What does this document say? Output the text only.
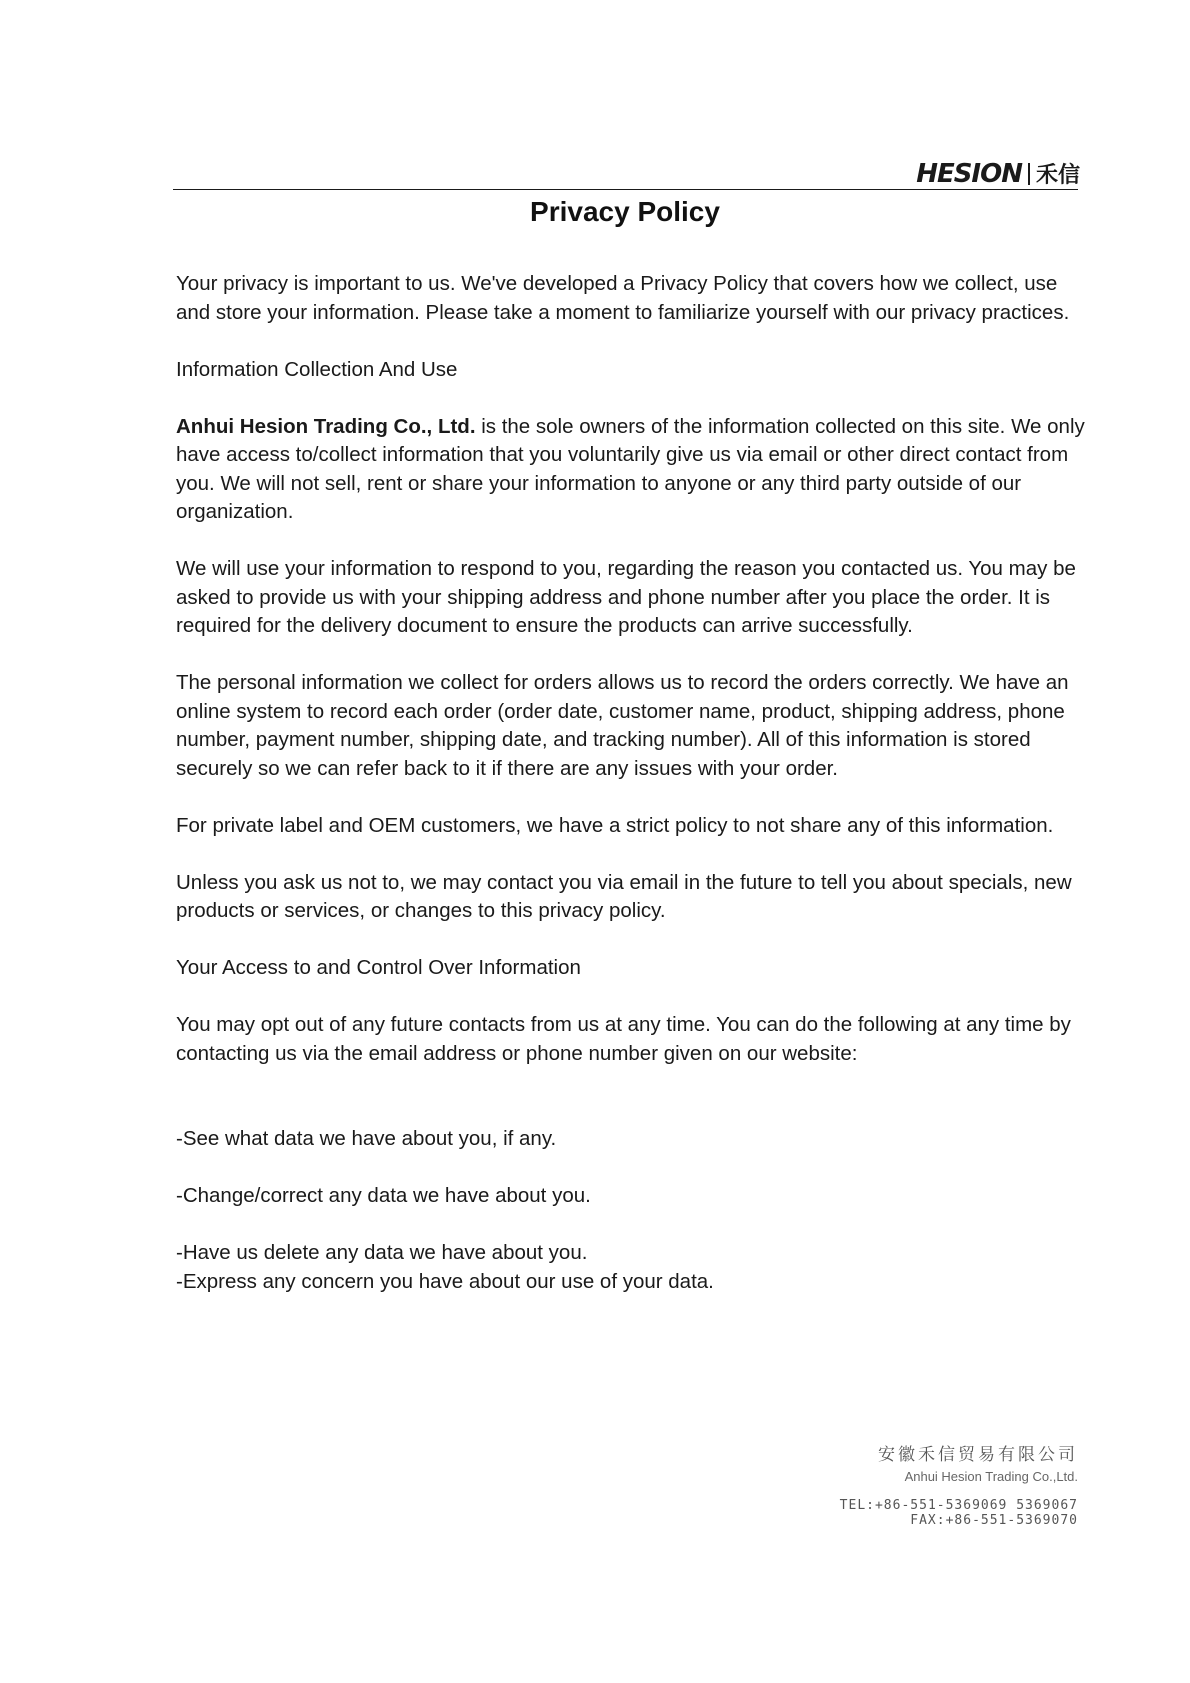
HESION 禾信
Privacy Policy

Your privacy is important to us. We've developed a Privacy Policy that covers how we collect, use and store your information. Please take a moment to familiarize yourself with our privacy practices.

Information Collection And Use

Anhui Hesion Trading Co., Ltd. is the sole owners of the information collected on this site. We only have access to/collect information that you voluntarily give us via email or other direct contact from you. We will not sell, rent or share your information to anyone or any third party outside of our organization.

We will use your information to respond to you, regarding the reason you contacted us. You may be asked to provide us with your shipping address and phone number after you place the order. It is required for the delivery document to ensure the products can arrive successfully.

The personal information we collect for orders allows us to record the orders correctly. We have an online system to record each order (order date, customer name, product, shipping address, phone number, payment number, shipping date, and tracking number). All of this information is stored securely so we can refer back to it if there are any issues with your order.

For private label and OEM customers, we have a strict policy to not share any of this information.

Unless you ask us not to, we may contact you via email in the future to tell you about specials, new products or services, or changes to this privacy policy.

Your Access to and Control Over Information

You may opt out of any future contacts from us at any time. You can do the following at any time by contacting us via the email address or phone number given on our website:

-See what data we have about you, if any.

-Change/correct any data we have about you.

-Have us delete any data we have about you.

-Express any concern you have about our use of your data.

安徽禾信贸易有限公司
Anhui Hesion Trading Co.,Ltd.
TEL:+86-551-5369069 5369067
FAX:+86-551-5369070
